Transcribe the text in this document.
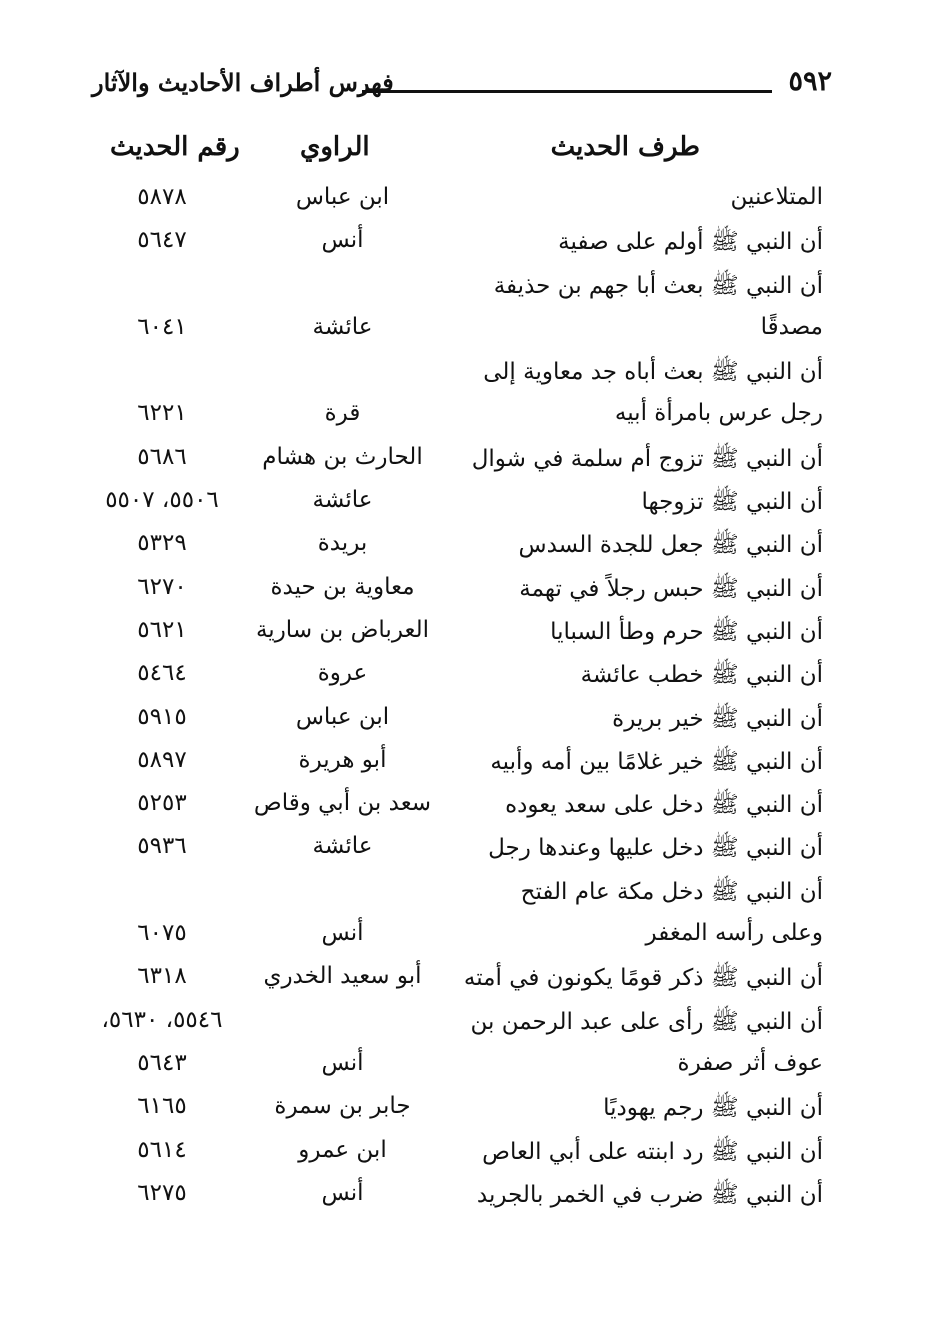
٥٩٢
فهرس أطراف الأحاديث والآثار
طرف الحديث
الراوي
رقم الحديث
المتلاعنين
ابن عباس
٥٨٧٨
أن النبي ﷺ أولم على صفية
أنس
٥٦٤٧
أن النبي ﷺ بعث أبا جهم بن حذيفة
مصدقًا
عائشة
٦٠٤١
أن النبي ﷺ بعث أباه جد معاوية إلى
رجل عرس بامرأة أبيه
قرة
٦٢٢١
أن النبي ﷺ تزوج أم سلمة في شوال
الحارث بن هشام
٥٦٨٦
أن النبي ﷺ تزوجها
عائشة
٥٥٠٦، ٥٥٠٧
أن النبي ﷺ جعل للجدة السدس
بريدة
٥٣٢٩
أن النبي ﷺ حبس رجلاً في تهمة
معاوية بن حيدة
٦٢٧٠
أن النبي ﷺ حرم وطأ السبايا
العرباض بن سارية
٥٦٢١
أن النبي ﷺ خطب عائشة
عروة
٥٤٦٤
أن النبي ﷺ خير بريرة
ابن عباس
٥٩١٥
أن النبي ﷺ خير غلامًا بين أمه وأبيه
أبو هريرة
٥٨٩٧
أن النبي ﷺ دخل على سعد يعوده
سعد بن أبي وقاص
٥٢٥٣
أن النبي ﷺ دخل عليها وعندها رجل
عائشة
٥٩٣٦
أن النبي ﷺ دخل مكة عام الفتح
وعلى رأسه المغفر
أنس
٦٠٧٥
أن النبي ﷺ ذكر قومًا يكونون في أمته
أبو سعيد الخدري
٦٣١٨
أن النبي ﷺ رأى على عبد الرحمن بن
٥٥٤٦، ٥٦٣٠،
عوف أثر صفرة
أنس
٥٦٤٣
أن النبي ﷺ رجم يهوديًا
جابر بن سمرة
٦١٦٥
أن النبي ﷺ رد ابنته على أبي العاص
ابن عمرو
٥٦١٤
أن النبي ﷺ ضرب في الخمر بالجريد
أنس
٦٢٧٥
